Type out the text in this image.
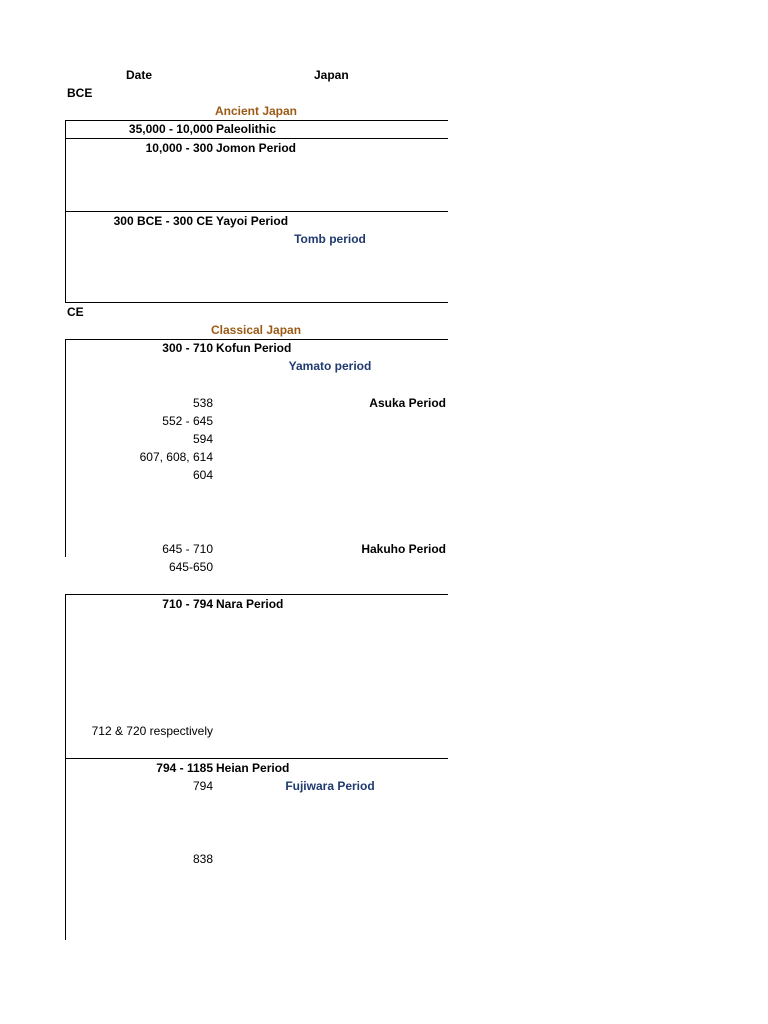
Date	Japan
BCE
Ancient Japan
35,000 - 10,000 Paleolithic
10,000 - 300 Jomon Period
300 BCE - 300 CE Yayoi Period
Tomb period
CE
Classical Japan
300 - 710 Kofun Period
Yamato period
538	Asuka Period
552 - 645
594
607, 608, 614
604
645 - 710	Hakuho Period
645-650
710 - 794 Nara Period
712 & 720 respectively
794 - 1185 Heian Period
794	Fujiwara Period
838
